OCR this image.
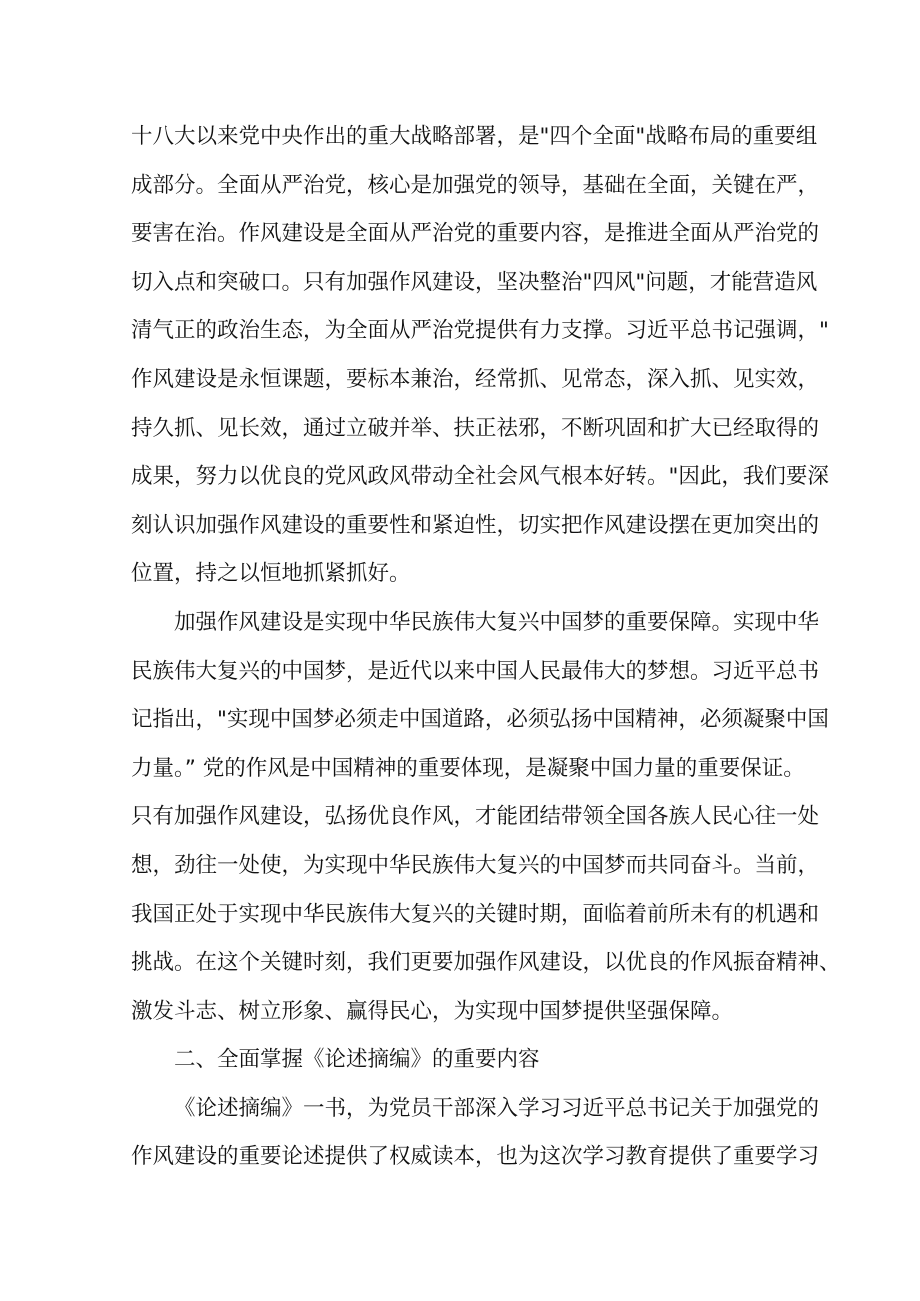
十八大以来党中央作出的重大战略部署，是"四个全面"战略布局的重要组
成部分。全面从严治党，核心是加强党的领导，基础在全面，关键在严，
要害在治。作风建设是全面从严治党的重要内容，是推进全面从严治党的
切入点和突破口。只有加强作风建设，坚决整治"四风"问题，才能营造风
清气正的政治生态，为全面从严治党提供有力支撑。习近平总书记强调，"
作风建设是永恒课题，要标本兼治，经常抓、见常态，深入抓、见实效，
持久抓、见长效，通过立破并举、扶正祛邪，不断巩固和扩大已经取得的
成果，努力以优良的党风政风带动全社会风气根本好转。"因此，我们要深
刻认识加强作风建设的重要性和紧迫性，切实把作风建设摆在更加突出的
位置，持之以恒地抓紧抓好。
加强作风建设是实现中华民族伟大复兴中国梦的重要保障。实现中华
民族伟大复兴的中国梦，是近代以来中国人民最伟大的梦想。习近平总书
记指出，"实现中国梦必须走中国道路，必须弘扬中国精神，必须凝聚中国
力量。” 党的作风是中国精神的重要体现，是凝聚中国力量的重要保证。
只有加强作风建设，弘扬优良作风，才能团结带领全国各族人民心往一处
想，劲往一处使，为实现中华民族伟大复兴的中国梦而共同奋斗。当前，
我国正处于实现中华民族伟大复兴的关键时期，面临着前所未有的机遇和
挑战。在这个关键时刻，我们更要加强作风建设，以优良的作风振奋精神、
激发斗志、树立形象、赢得民心，为实现中国梦提供坚强保障。
二、全面掌握《论述摘编》的重要内容
《论述摘编》一书，为党员干部深入学习习近平总书记关于加强党的
作风建设的重要论述提供了权威读本，也为这次学习教育提供了重要学习
